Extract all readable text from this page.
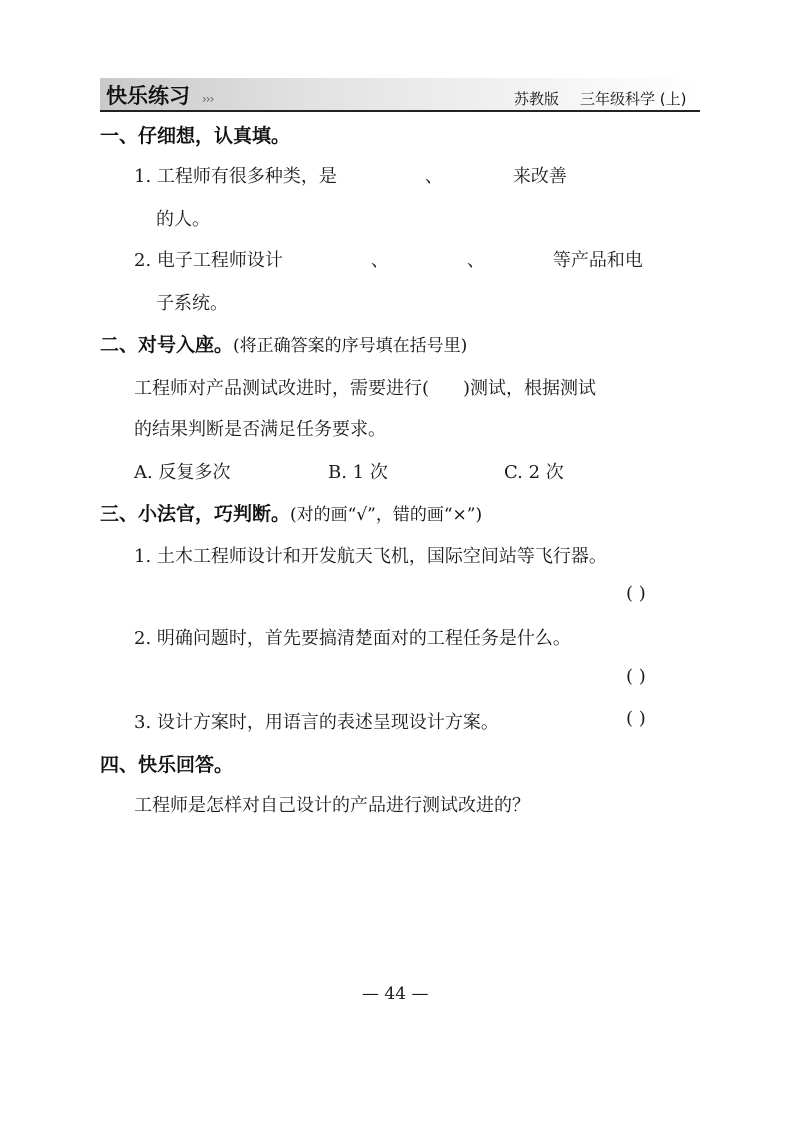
快乐练习 ›››	苏教版 三年级科学 (上)
一、仔细想，认真填。
1. 工程师有很多种类，是	、	来改善
的人。
2. 电子工程师设计	、	、	等产品和电
子系统。
二、对号入座。(将正确答案的序号填在括号里)
工程师对产品测试改进时，需要进行( )测试，根据测试
的结果判断是否满足任务要求。
A. 反复多次	B. 1 次	C. 2 次
三、小法官，巧判断。(对的画“√”，错的画“×”)
1. 土木工程师设计和开发航天飞机，国际空间站等飞行器。
( )
2. 明确问题时，首先要搞清楚面对的工程任务是什么。
( )
3. 设计方案时，用语言的表述呈现设计方案。	( )
四、快乐回答。
工程师是怎样对自己设计的产品进行测试改进的？
— 44 —
